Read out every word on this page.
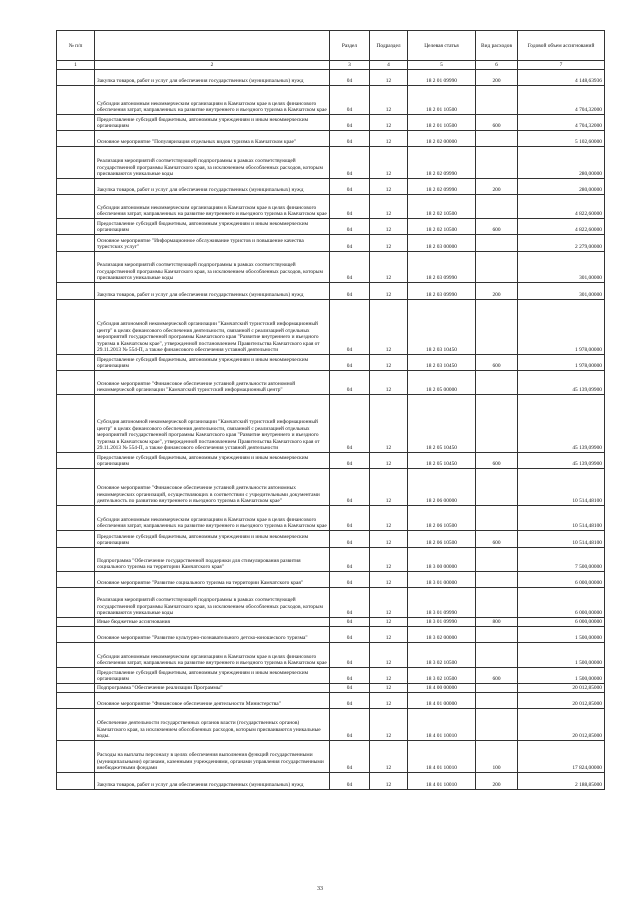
№ п/п		Раздел	Подраздел	Целевая статья	Вид расходов	Годовой объем ассигнований
1	2	3	4	5	6	7
	Закупка товаров, работ и услуг для обеспечения государственных (муниципальных) нужд	04	12	18 2 01 09990	200	4 148,63936
	Субсидии автономным некоммерческим организациям в Камчатском крае в целях финансового обеспечения затрат, направленных на развитие внутреннего и въездного туризма в Камчатском крае	04	12	18 2 01 10500		4 704,32000
	Предоставление субсидий бюджетным, автономным учреждениям и иным некоммерческим организациям	04	12	18 2 01 10500	600	4 704,32000
	Основное мероприятие "Популяризация отдельных видов туризма в Камчатском крае"	04	12	18 2 02 00000		5 102,60000
	Реализация мероприятий соответствующей подпрограммы в рамках соответствующей государственной программы Камчатского края, за исключением обособленных расходов, которым присваиваются уникальные коды	04	12	18 2 02 09990		280,00000
	Закупка товаров, работ и услуг для обеспечения государственных (муниципальных) нужд	04	12	18 2 02 09990	200	280,00000
	Субсидии автономным некоммерческим организациям в Камчатском крае в целях финансового обеспечения затрат, направленных на развитие внутреннего и въездного туризма в Камчатском крае	04	12	18 2 02 10500		4 822,60000
	Предоставление субсидий бюджетным, автономным учреждениям и иным некоммерческим организациям	04	12	18 2 02 10500	600	4 822,60000
	Основное мероприятие "Информационное обслуживание туристов и повышение качества туристских услуг"	04	12	18 2 03 00000		2 279,00000
	Реализация мероприятий соответствующей подпрограммы в рамках соответствующей государственной программы Камчатского края, за исключением обособленных расходов, которым присваиваются уникальные коды	04	12	18 2 03 09990		301,00000
	Закупка товаров, работ и услуг для обеспечения государственных (муниципальных) нужд	04	12	18 2 03 09990	200	301,00000
	Субсидия автономной некоммерческой организации "Камчатский туристский информационный центр" в целях финансового обеспечения деятельности, связанной с реализацией отдельных мероприятий государственной программы Камчатского края "Развитие внутреннего и въездного туризма в Камчатском крае", утвержденной постановлением Правительства Камчатского края от 29.11.2013 № 554-П, а также финансового обеспечения уставной деятельности	04	12	18 2 03 10450		1 978,00000
	Предоставление субсидий бюджетным, автономным учреждениям и иным некоммерческим организациям	04	12	18 2 03 10450	600	1 978,00000
	Основное мероприятие "Финансовое обеспечение уставной деятельности автономной некоммерческой организации "Камчатский туристский информационный центр"	04	12	18 2 05 00000		45 139,09900
	Субсидия автономной некоммерческой организации "Камчатский туристский информационный центр" в целях финансового обеспечения деятельности, связанной с реализацией отдельных мероприятий государственной программы Камчатского края "Развитие внутреннего и въездного туризма в Камчатском крае", утвержденной постановлением Правительства Камчатского края от 29.11.2013 № 554-П, а также финансового обеспечения уставной деятельности	04	12	18 2 05 10450		45 139,09900
	Предоставление субсидий бюджетным, автономным учреждениям и иным некоммерческим организациям	04	12	18 2 05 10450	600	45 139,09900
	Основное мероприятие "Финансовое обеспечение уставной деятельности автономных некоммерческих организаций, осуществляющих в соответствии с учредительными документами деятельность по развитию внутреннего и въездного туризма в Камчатском крае"	04	12	18 2 06 00000		10 514,48100
	Субсидии автономным некоммерческим организациям в Камчатском крае в целях финансового обеспечения затрат, направленных на развитие внутреннего и въездного туризма в Камчатском крае	04	12	18 2 06 10500		10 514,48100
	Предоставление субсидий бюджетным, автономным учреждениям и иным некоммерческим организациям	04	12	18 2 06 10500	600	10 514,48100
	Подпрограмма "Обеспечение государственной поддержки для стимулирования развития социального туризма на территории Камчатского края"	04	12	18 3 00 00000		7 500,00000
	Основное мероприятие "Развитие социального туризма на территории Камчатского края"	04	12	18 3 01 00000		6 000,00000
	Реализация мероприятий соответствующей подпрограммы в рамках соответствующей государственной программы Камчатского края, за исключением обособленных расходов, которым присваиваются уникальные коды	04	12	18 3 01 09990		6 000,00000
	Иные бюджетные ассигнования	04	12	18 3 01 09990	800	6 000,00000
	Основное мероприятие "Развитие культурно-познавательного детско-юношеского туризма"	04	12	18 3 02 00000		1 500,00000
	Субсидии автономным некоммерческим организациям в Камчатском крае в целях финансового обеспечения затрат, направленных на развитие внутреннего и въездного туризма в Камчатском крае	04	12	18 3 02 10500		1 500,00000
	Предоставление субсидий бюджетным, автономным учреждениям и иным некоммерческим организациям	04	12	18 3 02 10500	600	1 500,00000
	Подпрограмма "Обеспечение реализации Программы"	04	12	18 4 00 00000		20 012,85000
	Основное мероприятие "Финансовое обеспечение деятельности Министерства"	04	12	18 4 01 00000		20 012,85000
	Обеспечение деятельности государственных органов власти (государственных органов) Камчатского края, за исключением обособленных расходов, которым присваиваются уникальные коды.	04	12	18 4 01 10010		20 012,85000
	Расходы на выплаты персоналу в целях обеспечения выполнения функций государственными (муниципальными) органами, казенными учреждениями, органами управления государственными внебюджетными фондами	04	12	18 4 01 10010	100	17 824,00000
	Закупка товаров, работ и услуг для обеспечения государственных (муниципальных) нужд	04	12	18 4 01 10010	200	2 188,85000
33
